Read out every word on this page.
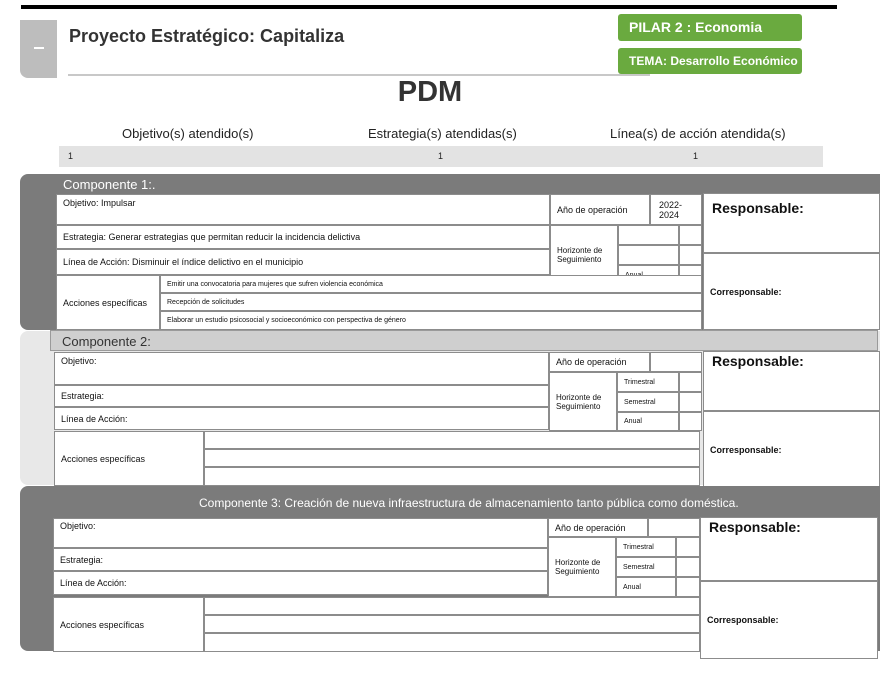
Proyecto Estratégico: Capitaliza	PILAR 2 : Economia
TEMA: Desarrollo Económico
PDM
Objetivo(s) atendido(s)	Estrategia(s) atendidas(s)	Línea(s) de acción atendida(s)
1	1	1
Componente 1:.
Objetivo: Impulsar
Estrategia: Generar estrategias que permitan reducir la incidencia delictiva
Línea de Acción: Disminuir el índice delictivo en el municipio
Año de operación	2022-
2024
Horizonte de Seguimiento
Acciones específicas
Emitir una convocatoria para mujeres que sufren violencia económica
Recepción de solicitudes
Elaborar un estudio psicosocial y socioeconómico con perspectiva de género
Responsable:
Corresponsable:
Componente 2:
Objetivo:
Estrategia:
Línea de Acción:
Año de operación
Horizonte de Seguimiento
Trimestral
Semestral
Anual
Acciones específicas
Responsable:
Corresponsable:
Componente 3: Creación de nueva infraestructura de almacenamiento tanto pública como doméstica.
Objetivo:
Estrategia:
Línea de Acción:
Año de operación
Horizonte de Seguimiento
Trimestral
Semestral
Anual
Acciones específicas
Responsable:
Corresponsable:
